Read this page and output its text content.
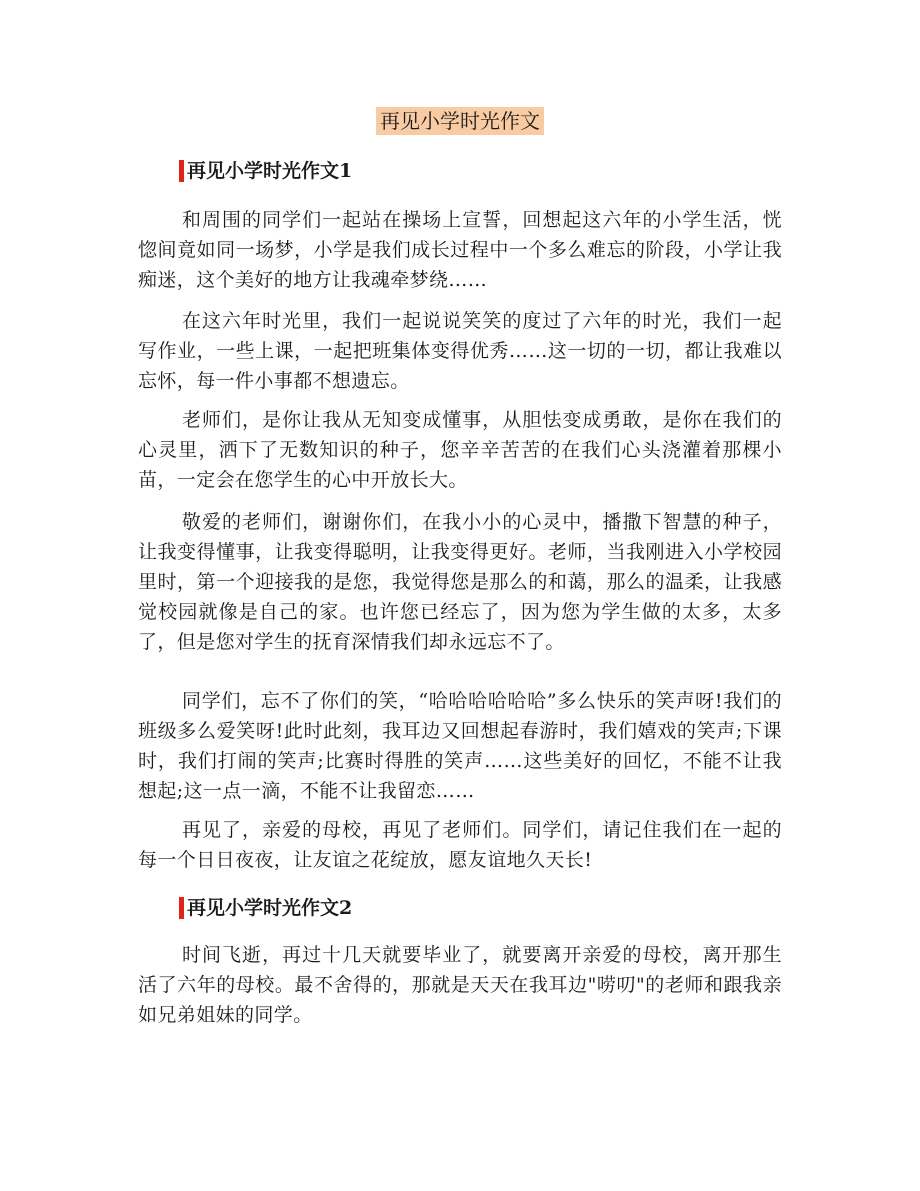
再见小学时光作文
再见小学时光作文1

和周围的同学们一起站在操场上宣誓，回想起这六年的小学生活，恍惚间竟如同一场梦，小学是我们成长过程中一个多么难忘的阶段，小学让我痴迷，这个美好的地方让我魂牵梦绕……

在这六年时光里，我们一起说说笑笑的度过了六年的时光，我们一起写作业，一些上课，一起把班集体变得优秀……这一切的一切，都让我难以忘怀，每一件小事都不想遗忘。

老师们，是你让我从无知变成懂事，从胆怯变成勇敢，是你在我们的心灵里，洒下了无数知识的种子，您辛辛苦苦的在我们心头浇灌着那棵小苗，一定会在您学生的心中开放长大。

敬爱的老师们，谢谢你们，在我小小的心灵中，播撒下智慧的种子，让我变得懂事，让我变得聪明，让我变得更好。老师，当我刚进入小学校园里时，第一个迎接我的是您，我觉得您是那么的和蔼，那么的温柔，让我感觉校园就像是自己的家。也许您已经忘了，因为您为学生做的太多，太多了，但是您对学生的抚育深情我们却永远忘不了。

同学们，忘不了你们的笑，“哈哈哈哈哈哈”多么快乐的笑声呀!我们的班级多么爱笑呀!此时此刻，我耳边又回想起春游时，我们嬉戏的笑声;下课时，我们打闹的笑声;比赛时得胜的笑声……这些美好的回忆，不能不让我想起;这一点一滴，不能不让我留恋……

再见了，亲爱的母校，再见了老师们。同学们，请记住我们在一起的每一个日日夜夜，让友谊之花绽放，愿友谊地久天长!

再见小学时光作文2

时间飞逝，再过十几天就要毕业了，就要离开亲爱的母校，离开那生活了六年的母校。最不舍得的，那就是天天在我耳边"唠叨"的老师和跟我亲如兄弟姐妹的同学。
